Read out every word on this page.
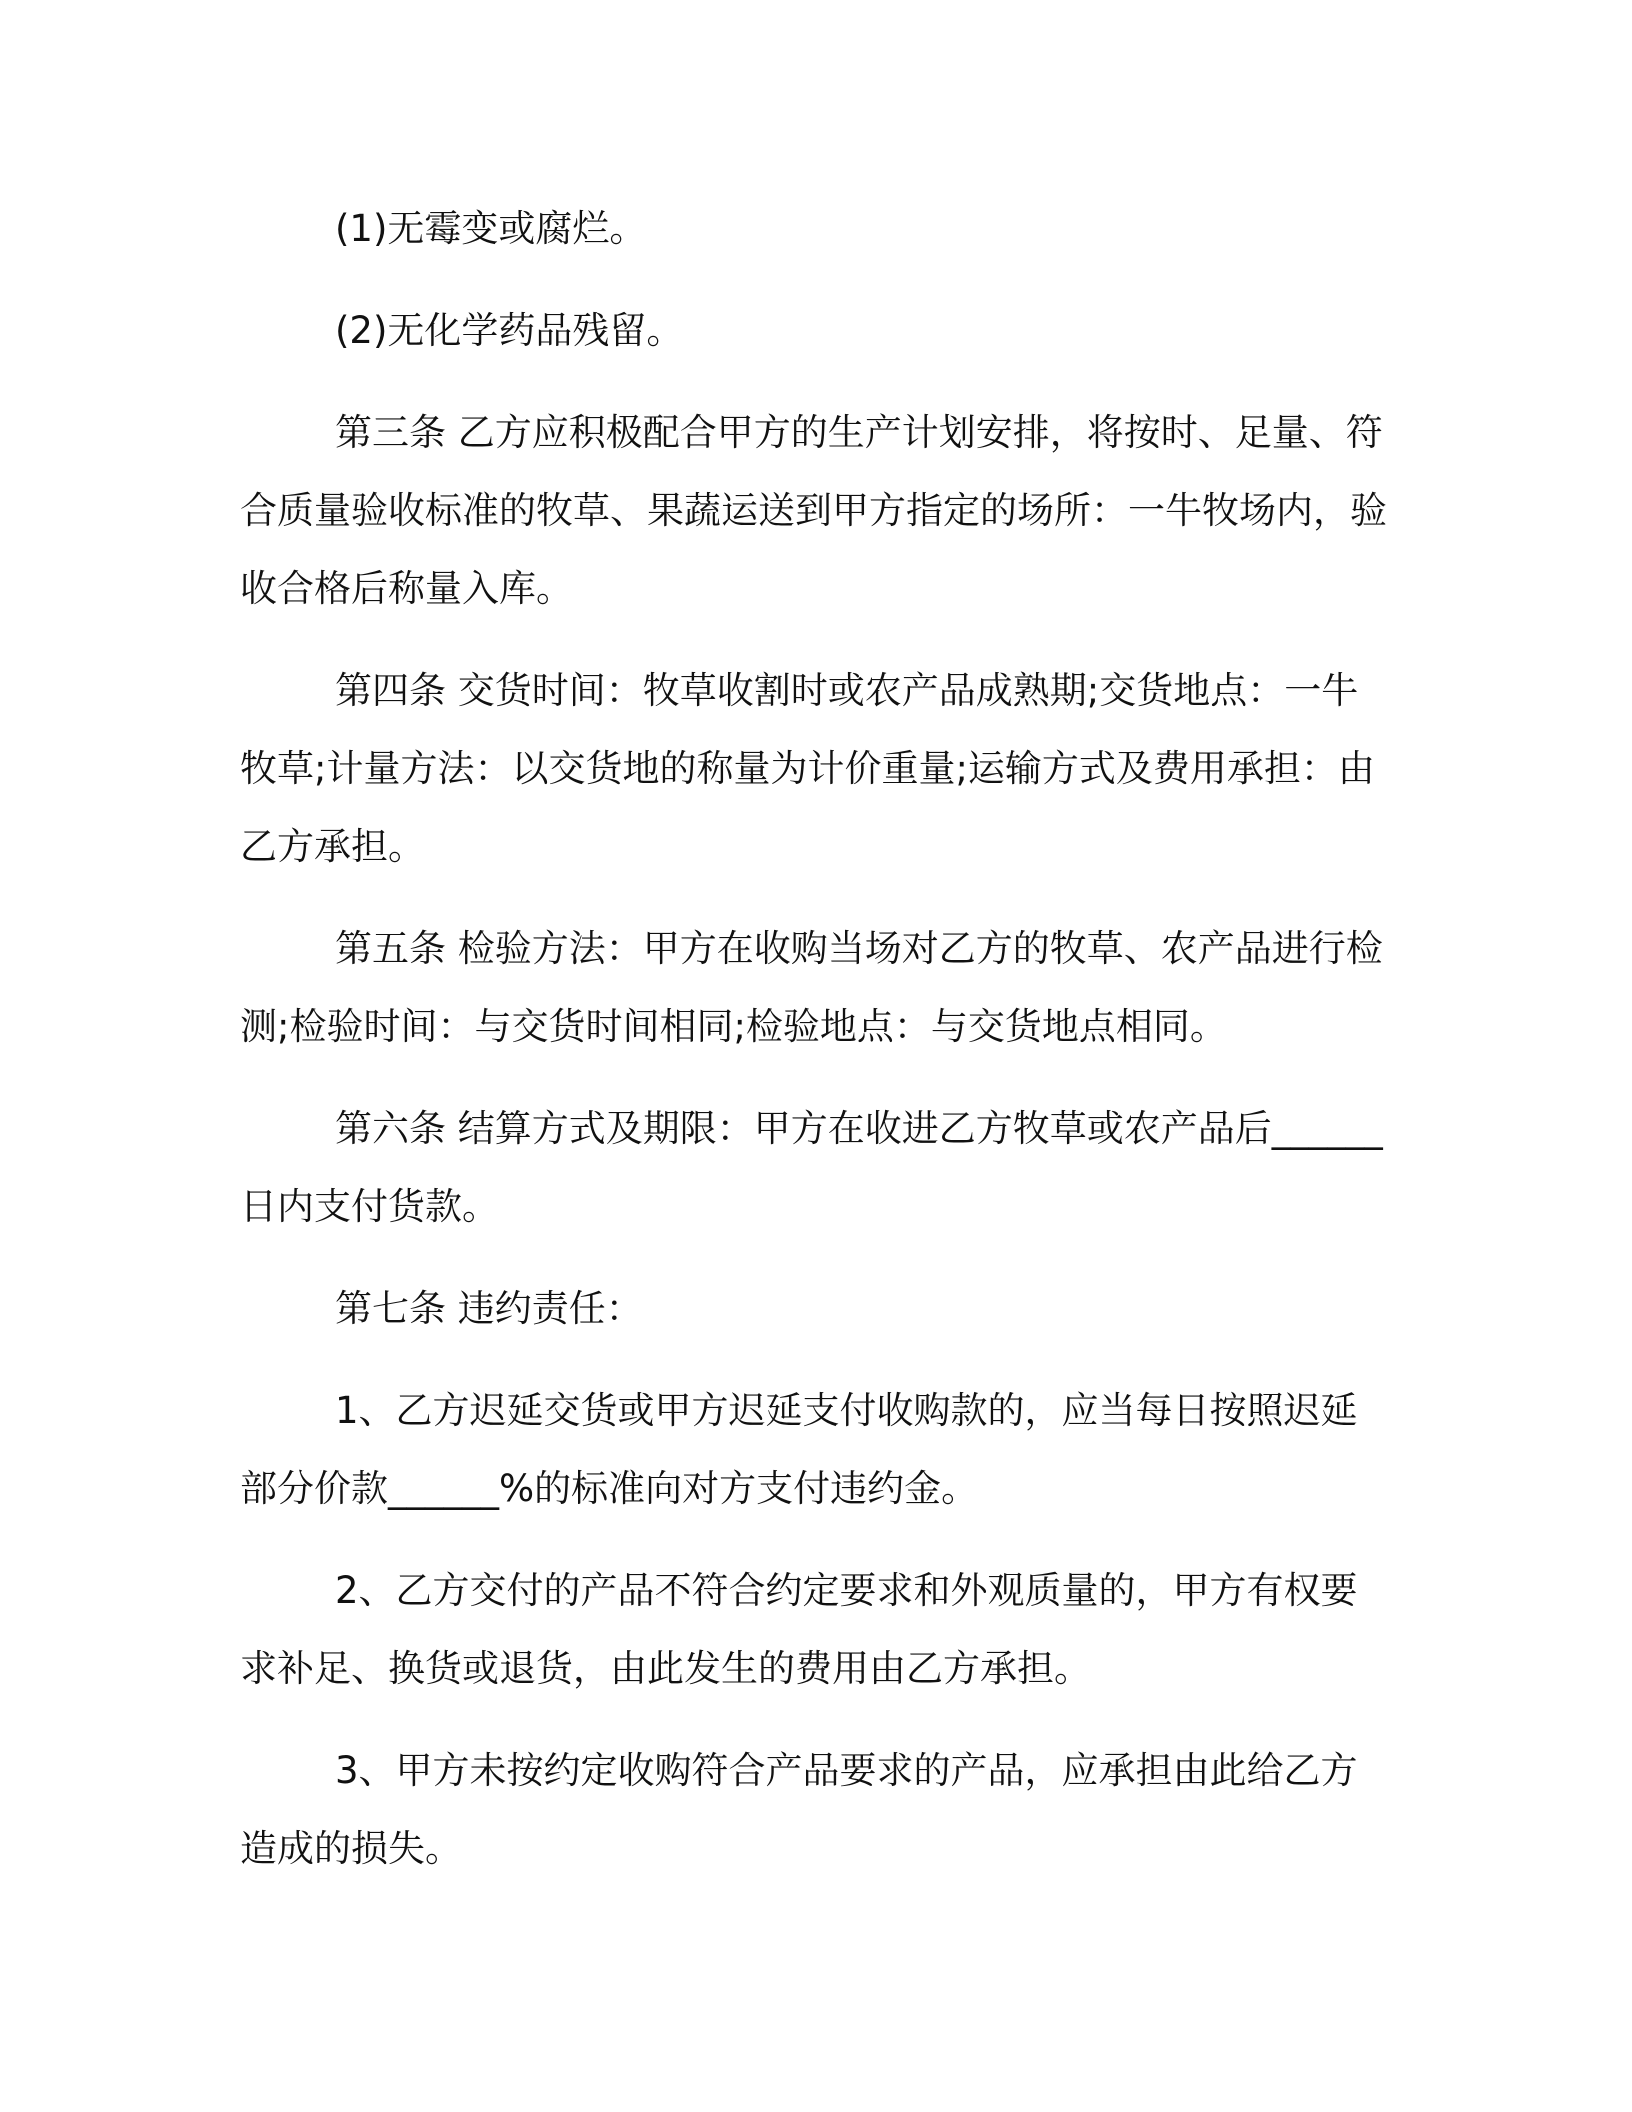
(1)无霉变或腐烂。

(2)无化学药品残留。

第三条 乙方应积极配合甲方的生产计划安排，将按时、足量、符合质量验收标准的牧草、果蔬运送到甲方指定的场所：一牛牧场内，验收合格后称量入库。

第四条 交货时间：牧草收割时或农产品成熟期;交货地点：一牛牧草;计量方法：以交货地的称量为计价重量;运输方式及费用承担：由乙方承担。

第五条 检验方法：甲方在收购当场对乙方的牧草、农产品进行检测;检验时间：与交货时间相同;检验地点：与交货地点相同。

第六条 结算方式及期限：甲方在收进乙方牧草或农产品后______日内支付货款。

第七条 违约责任：

1、乙方迟延交货或甲方迟延支付收购款的，应当每日按照迟延部分价款______%的标准向对方支付违约金。

2、乙方交付的产品不符合约定要求和外观质量的，甲方有权要求补足、换货或退货，由此发生的费用由乙方承担。

3、甲方未按约定收购符合产品要求的产品，应承担由此给乙方造成的损失。
